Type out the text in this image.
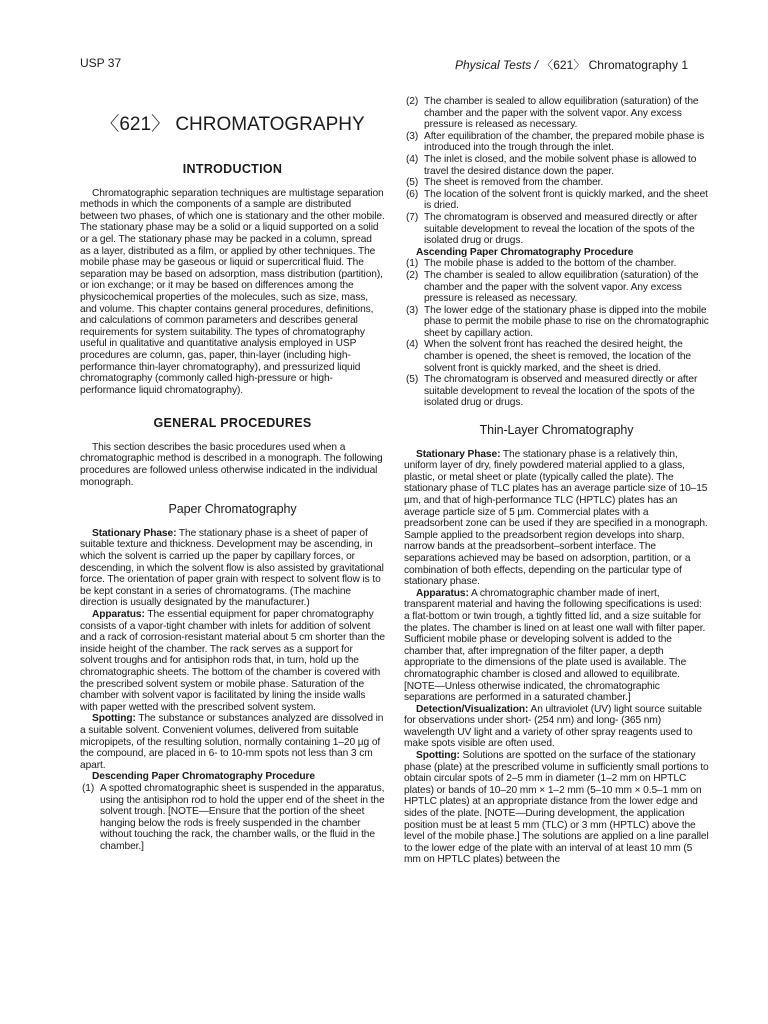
USP 37	Physical Tests / 〈621〉 Chromatography 1
〈621〉 CHROMATOGRAPHY
INTRODUCTION

Chromatographic separation techniques are multistage separation methods in which the components of a sample are distributed between two phases, of which one is stationary and the other mobile. The stationary phase may be a solid or a liquid supported on a solid or a gel. The stationary phase may be packed in a column, spread as a layer, distributed as a film, or applied by other techniques. The mobile phase may be gaseous or liquid or supercritical fluid. The separation may be based on adsorption, mass distribution (partition), or ion exchange; or it may be based on differences among the physicochemical properties of the molecules, such as size, mass, and volume. This chapter contains general procedures, definitions, and calculations of common parameters and describes general requirements for system suitability. The types of chromatography useful in qualitative and quantitative analysis employed in USP procedures are column, gas, paper, thin-layer (including high-performance thin-layer chromatography), and pressurized liquid chromatography (commonly called high-pressure or high-performance liquid chromatography).

GENERAL PROCEDURES

This section describes the basic procedures used when a chromatographic method is described in a monograph. The following procedures are followed unless otherwise indicated in the individual monograph.

Paper Chromatography

Stationary Phase: The stationary phase is a sheet of paper of suitable texture and thickness. Development may be ascending, in which the solvent is carried up the paper by capillary forces, or descending, in which the solvent flow is also assisted by gravitational force. The orientation of paper grain with respect to solvent flow is to be kept constant in a series of chromatograms. (The machine direction is usually designated by the manufacturer.)

Apparatus: The essential equipment for paper chromatography consists of a vapor-tight chamber with inlets for addition of solvent and a rack of corrosion-resistant material about 5 cm shorter than the inside height of the chamber. The rack serves as a support for solvent troughs and for antisiphon rods that, in turn, hold up the chromatographic sheets. The bottom of the chamber is covered with the prescribed solvent system or mobile phase. Saturation of the chamber with solvent vapor is facilitated by lining the inside walls with paper wetted with the prescribed solvent system.

Spotting: The substance or substances analyzed are dissolved in a suitable solvent. Convenient volumes, delivered from suitable micropipets, of the resulting solution, normally containing 1–20 µg of the compound, are placed in 6- to 10-mm spots not less than 3 cm apart.

Descending Paper Chromatography Procedure
(1) A spotted chromatographic sheet is suspended in the apparatus, using the antisiphon rod to hold the upper end of the sheet in the solvent trough. [NOTE—Ensure that the portion of the sheet hanging below the rods is freely suspended in the chamber without touching the rack, the chamber walls, or the fluid in the chamber.]
(2) The chamber is sealed to allow equilibration (saturation) of the chamber and the paper with the solvent vapor. Any excess pressure is released as necessary.
(3) After equilibration of the chamber, the prepared mobile phase is introduced into the trough through the inlet.
(4) The inlet is closed, and the mobile solvent phase is allowed to travel the desired distance down the paper.
(5) The sheet is removed from the chamber.
(6) The location of the solvent front is quickly marked, and the sheet is dried.
(7) The chromatogram is observed and measured directly or after suitable development to reveal the location of the spots of the isolated drug or drugs.
Ascending Paper Chromatography Procedure
(1) The mobile phase is added to the bottom of the chamber.
(2) The chamber is sealed to allow equilibration (saturation) of the chamber and the paper with the solvent vapor. Any excess pressure is released as necessary.
(3) The lower edge of the stationary phase is dipped into the mobile phase to permit the mobile phase to rise on the chromatographic sheet by capillary action.
(4) When the solvent front has reached the desired height, the chamber is opened, the sheet is removed, the location of the solvent front is quickly marked, and the sheet is dried.
(5) The chromatogram is observed and measured directly or after suitable development to reveal the location of the spots of the isolated drug or drugs.
Thin-Layer Chromatography

Stationary Phase: The stationary phase is a relatively thin, uniform layer of dry, finely powdered material applied to a glass, plastic, or metal sheet or plate (typically called the plate). The stationary phase of TLC plates has an average particle size of 10–15 µm, and that of high-performance TLC (HPTLC) plates has an average particle size of 5 µm. Commercial plates with a preadsorbent zone can be used if they are specified in a monograph. Sample applied to the preadsorbent region develops into sharp, narrow bands at the preadsorbent–sorbent interface. The separations achieved may be based on adsorption, partition, or a combination of both effects, depending on the particular type of stationary phase.

Apparatus: A chromatographic chamber made of inert, transparent material and having the following specifications is used: a flat-bottom or twin trough, a tightly fitted lid, and a size suitable for the plates. The chamber is lined on at least one wall with filter paper. Sufficient mobile phase or developing solvent is added to the chamber that, after impregnation of the filter paper, a depth appropriate to the dimensions of the plate used is available. The chromatographic chamber is closed and allowed to equilibrate. [NOTE—Unless otherwise indicated, the chromatographic separations are performed in a saturated chamber.]

Detection/Visualization: An ultraviolet (UV) light source suitable for observations under short- (254 nm) and long- (365 nm) wavelength UV light and a variety of other spray reagents used to make spots visible are often used.

Spotting: Solutions are spotted on the surface of the stationary phase (plate) at the prescribed volume in sufficiently small portions to obtain circular spots of 2–5 mm in diameter (1–2 mm on HPTLC plates) or bands of 10–20 mm × 1–2 mm (5–10 mm × 0.5–1 mm on HPTLC plates) at an appropriate distance from the lower edge and sides of the plate. [NOTE—During development, the application position must be at least 5 mm (TLC) or 3 mm (HPTLC) above the level of the mobile phase.] The solutions are applied on a line parallel to the lower edge of the plate with an interval of at least 10 mm (5 mm on HPTLC plates) between the
